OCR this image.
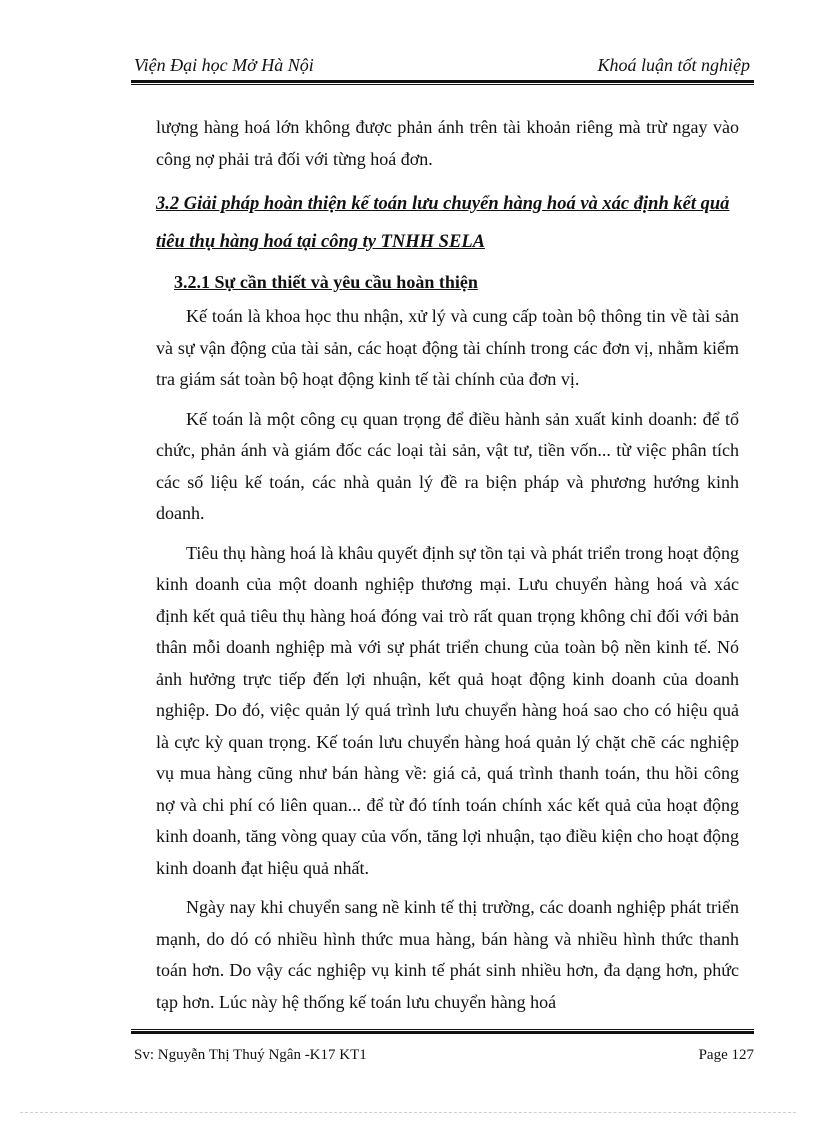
Viện Đại học Mở Hà Nội	Khoá luận tốt nghiệp

lượng hàng hoá lớn không được phản ánh trên tài khoản riêng mà trừ ngay vào công nợ phải trả đối với từng hoá đơn.

3.2 Giải pháp hoàn thiện kế toán lưu chuyển hàng hoá và xác định kết quả tiêu thụ hàng hoá tại công ty TNHH SELA
3.2.1 Sự cần thiết và yêu cầu hoàn thiện

Kế toán là khoa học thu nhận, xử lý và cung cấp toàn bộ thông tin về tài sản và sự vận động của tài sản, các hoạt động tài chính trong các đơn vị, nhằm kiểm tra giám sát toàn bộ hoạt động kinh tế tài chính của đơn vị.

Kế toán là một công cụ quan trọng để điều hành sản xuất kinh doanh: để tổ chức, phản ánh và giám đốc các loại tài sản, vật tư, tiền vốn... từ việc phân tích các số liệu kế toán, các nhà quản lý đề ra biện pháp và phương hướng kinh doanh.

Tiêu thụ hàng hoá là khâu quyết định sự tồn tại và phát triển trong hoạt động kinh doanh của một doanh nghiệp thương mại. Lưu chuyển hàng hoá và xác định kết quả tiêu thụ hàng hoá đóng vai trò rất quan trọng không chỉ đối với bản thân mỗi doanh nghiệp mà với sự phát triển chung của toàn bộ nền kinh tế. Nó ảnh hưởng trực tiếp đến lợi nhuận, kết quả hoạt động kinh doanh của doanh nghiệp. Do đó, việc quản lý quá trình lưu chuyển hàng hoá sao cho có hiệu quả là cực kỳ quan trọng. Kế toán lưu chuyển hàng hoá quản lý chặt chẽ các nghiệp vụ mua hàng cũng như bán hàng về: giá cả, quá trình thanh toán, thu hồi công nợ và chi phí có liên quan... để từ đó tính toán chính xác kết quả của hoạt động kinh doanh, tăng vòng quay của vốn, tăng lợi nhuận, tạo điều kiện cho hoạt động kinh doanh đạt hiệu quả nhất.

Ngày nay khi chuyển sang nề kinh tế thị trường, các doanh nghiệp phát triển mạnh, do dó có nhiều hình thức mua hàng, bán hàng và nhiều hình thức thanh toán hơn. Do vậy các nghiệp vụ kinh tế phát sinh nhiều hơn, đa dạng hơn, phức tạp hơn. Lúc này hệ thống kế toán lưu chuyển hàng hoá

Sv: Nguyễn Thị Thuý Ngân -K17 KT1	Page 127
